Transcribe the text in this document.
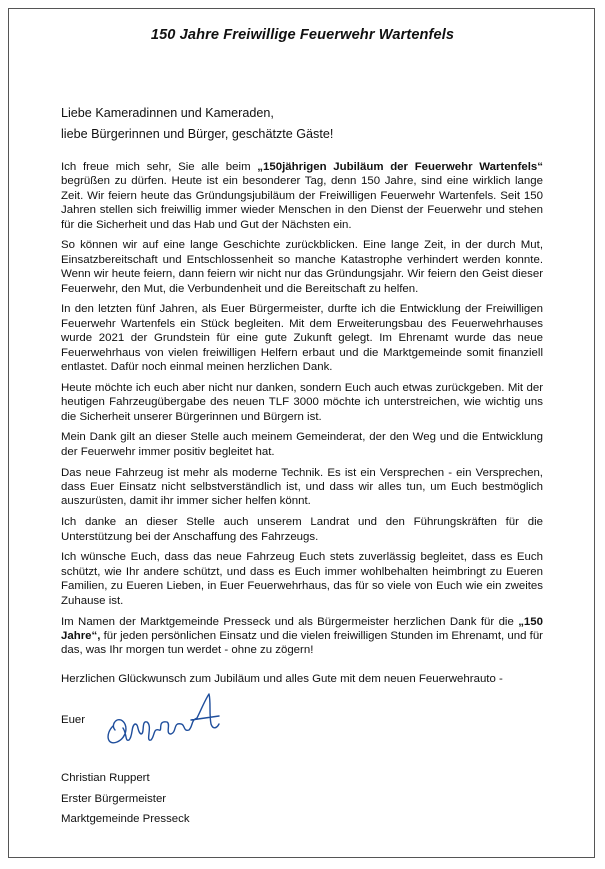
150 Jahre Freiwillige Feuerwehr Wartenfels
Liebe Kameradinnen und Kameraden,
liebe Bürgerinnen und Bürger, geschätzte Gäste!

Ich freue mich sehr, Sie alle beim „150jährigen Jubiläum der Feuerwehr Wartenfels“ begrüßen zu dürfen. Heute ist ein besonderer Tag, denn 150 Jahre, sind eine wirklich lange Zeit. Wir feiern heute das Gründungsjubiläum der Freiwilligen Feuerwehr Wartenfels. Seit 150 Jahren stellen sich freiwillig immer wieder Menschen in den Dienst der Feuerwehr und stehen für die Sicherheit und das Hab und Gut der Nächsten ein.

So können wir auf eine lange Geschichte zurückblicken. Eine lange Zeit, in der durch Mut, Einsatzbereitschaft und Entschlossenheit so manche Katastrophe verhindert werden konnte. Wenn wir heute feiern, dann feiern wir nicht nur das Gründungsjahr. Wir feiern den Geist dieser Feuerwehr, den Mut, die Verbundenheit und die Bereitschaft zu helfen.

In den letzten fünf Jahren, als Euer Bürgermeister, durfte ich die Entwicklung der Freiwilligen Feuerwehr Wartenfels ein Stück begleiten. Mit dem Erweiterungsbau des Feuerwehrhauses wurde 2021 der Grundstein für eine gute Zukunft gelegt. Im Ehrenamt wurde das neue Feuerwehrhaus von vielen freiwilligen Helfern erbaut und die Marktgemeinde somit finanziell entlastet. Dafür noch einmal meinen herzlichen Dank.

Heute möchte ich euch aber nicht nur danken, sondern Euch auch etwas zurückgeben. Mit der heutigen Fahrzeugübergabe des neuen TLF 3000 möchte ich unterstreichen, wie wichtig uns die Sicherheit unserer Bürgerinnen und Bürgern ist.

Mein Dank gilt an dieser Stelle auch meinem Gemeinderat, der den Weg und die Entwicklung der Feuerwehr immer positiv begleitet hat.

Das neue Fahrzeug ist mehr als moderne Technik. Es ist ein Versprechen - ein Versprechen, dass Euer Einsatz nicht selbstverständlich ist, und dass wir alles tun, um Euch bestmöglich auszurüsten, damit ihr immer sicher helfen könnt.

Ich danke an dieser Stelle auch unserem Landrat und den Führungskräften für die Unterstützung bei der Anschaffung des Fahrzeugs.

Ich wünsche Euch, dass das neue Fahrzeug Euch stets zuverlässig begleitet, dass es Euch schützt, wie Ihr andere schützt, und dass es Euch immer wohlbehalten heimbringt zu Eueren Familien, zu Eueren Lieben, in Euer Feuerwehrhaus, das für so viele von Euch wie ein zweites Zuhause ist.

Im Namen der Marktgemeinde Presseck und als Bürgermeister herzlichen Dank für die „150 Jahre“, für jeden persönlichen Einsatz und die vielen freiwilligen Stunden im Ehrenamt, und für das, was Ihr morgen tun werdet - ohne zu zögern!

Herzlichen Glückwunsch zum Jubiläum und alles Gute mit dem neuen Feuerwehrauto -

Euer
Christian Ruppert
Erster Bürgermeister
Marktgemeinde Presseck
